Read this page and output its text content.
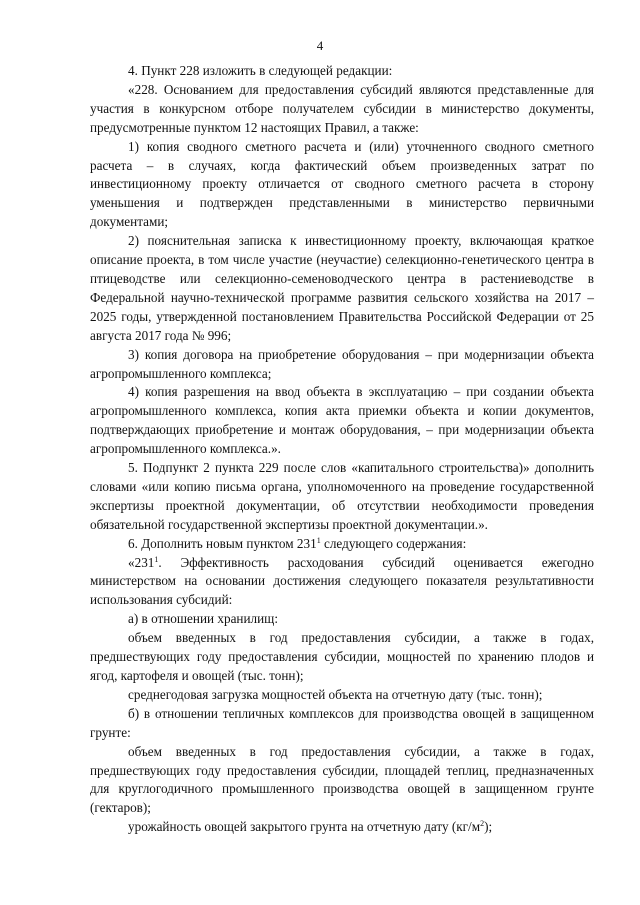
4

4. Пункт 228 изложить в следующей редакции:

«228. Основанием для предоставления субсидий являются представленные для участия в конкурсном отборе получателем субсидии в министерство документы, предусмотренные пунктом 12 настоящих Правил, а также:

1) копия сводного сметного расчета и (или) уточненного сводного сметного расчета – в случаях, когда фактический объем произведенных затрат по инвестиционному проекту отличается от сводного сметного расчета в сторону уменьшения и подтвержден представленными в министерство первичными документами;

2) пояснительная записка к инвестиционному проекту, включающая краткое описание проекта, в том числе участие (неучастие) селекционно-генетического центра в птицеводстве или селекционно-семеноводческого центра в растениеводстве в Федеральной научно-технической программе развития сельского хозяйства на 2017 – 2025 годы, утвержденной постановлением Правительства Российской Федерации от 25 августа 2017 года № 996;

3) копия договора на приобретение оборудования – при модернизации объекта агропромышленного комплекса;

4) копия разрешения на ввод объекта в эксплуатацию – при создании объекта агропромышленного комплекса, копия акта приемки объекта и копии документов, подтверждающих приобретение и монтаж оборудования, – при модернизации объекта агропромышленного комплекса.».

5. Подпункт 2 пункта 229 после слов «капитального строительства)» дополнить словами «или копию письма органа, уполномоченного на проведение государственной экспертизы проектной документации, об отсутствии необходимости проведения обязательной государственной экспертизы проектной документации.».

6. Дополнить новым пунктом $231^1$ следующего содержания:

«$231^1$. Эффективность расходования субсидий оценивается ежегодно министерством на основании достижения следующего показателя результативности использования субсидий:

а) в отношении хранилищ:

объем введенных в год предоставления субсидии, а также в годах, предшествующих году предоставления субсидии, мощностей по хранению плодов и ягод, картофеля и овощей (тыс. тонн);

среднегодовая загрузка мощностей объекта на отчетную дату (тыс. тонн);

б) в отношении тепличных комплексов для производства овощей в защищенном грунте:

объем введенных в год предоставления субсидии, а также в годах, предшествующих году предоставления субсидии, площадей теплиц, предназначенных для круглогодичного промышленного производства овощей в защищенном грунте (гектаров);

урожайность овощей закрытого грунта на отчетную дату $(кг/м^2)$;
